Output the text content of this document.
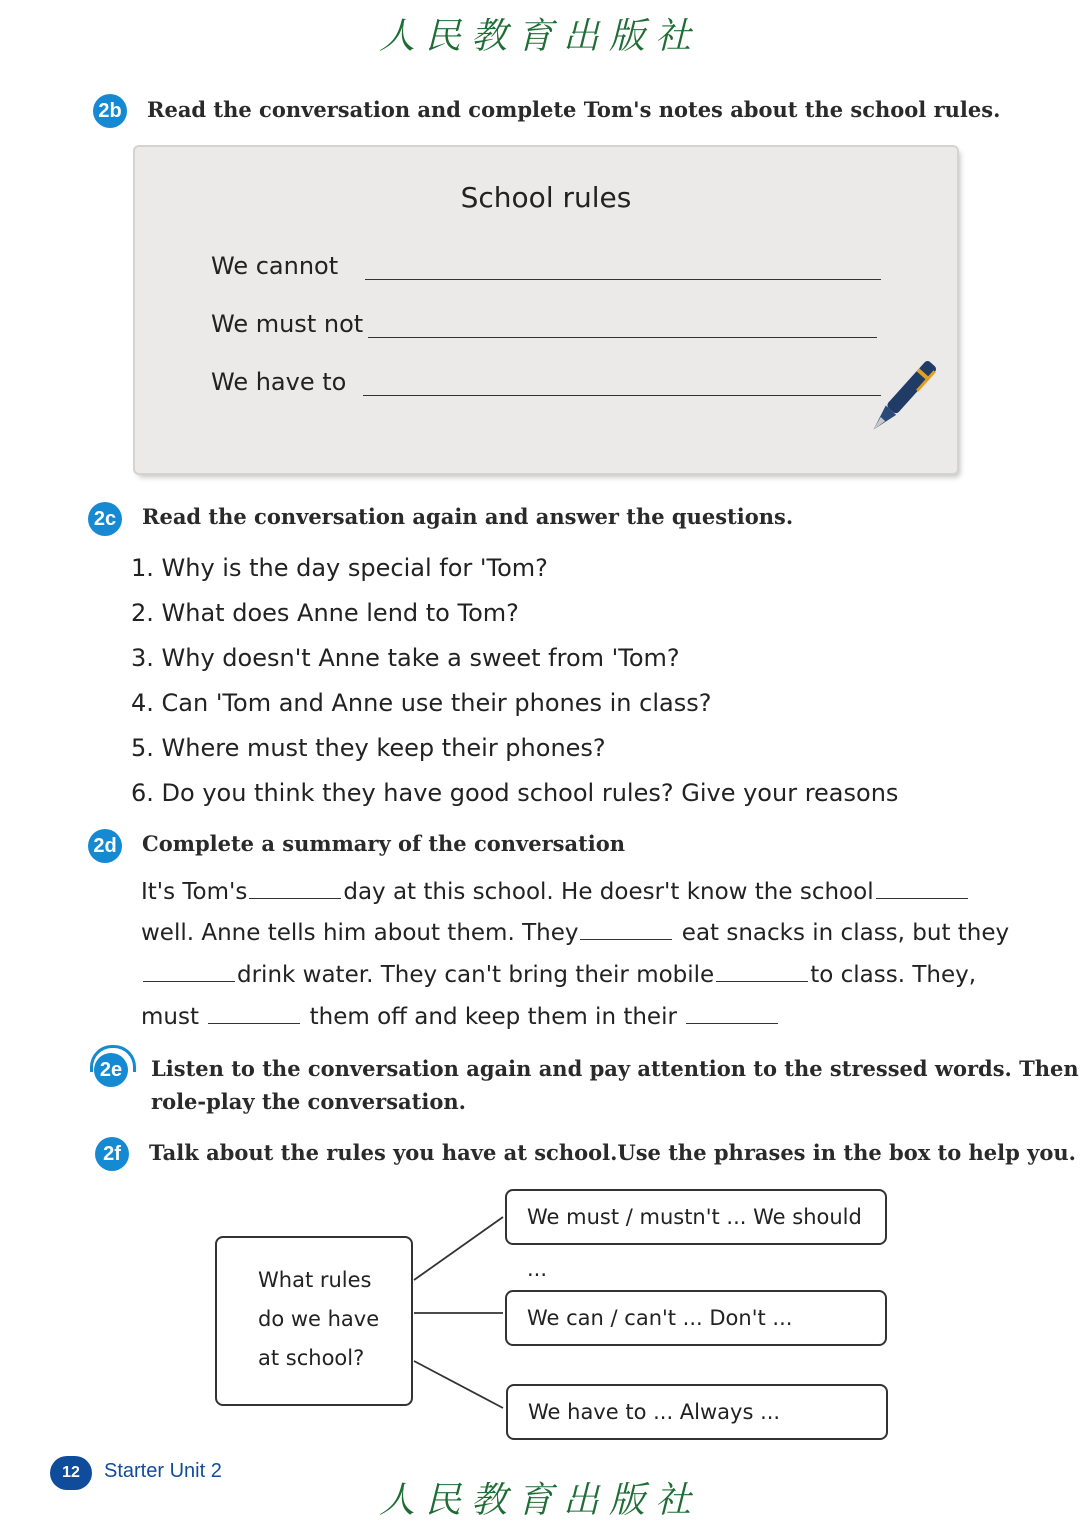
人民教育出版社
2b Read the conversation and complete Tom's notes about the school rules.
School rules
We cannot
We must not
We have to
2c Read the conversation again and answer the questions.
1. Why is the day special for 'Tom?
2. What does Anne lend to Tom?
3. Why doesn't Anne take a sweet from 'Tom?
4. Can 'Tom and Anne use their phones in class?
5. Where must they keep their phones?
6. Do you think they have good school rules? Give your reasons
2d Complete a summary of the conversation
It's Tom's	day at this school. He doesr't know the school
well. Anne tells him about them. They	eat snacks in class, but they
drink water. They can't bring their mobile	to class. They,
must	them off and keep them in their
2e Listen to the conversation again and pay attention to the stressed words. Then
role-play the conversation.
2f	Talk about the rules you have at school.Use the phrases in the box to help you.
What rules
do we have
at school?
We must / mustn't ... We should ...
We can / can't ... Don't ...
We have to ... Always ...
12	Starter Unit 2
人民教育出版社
